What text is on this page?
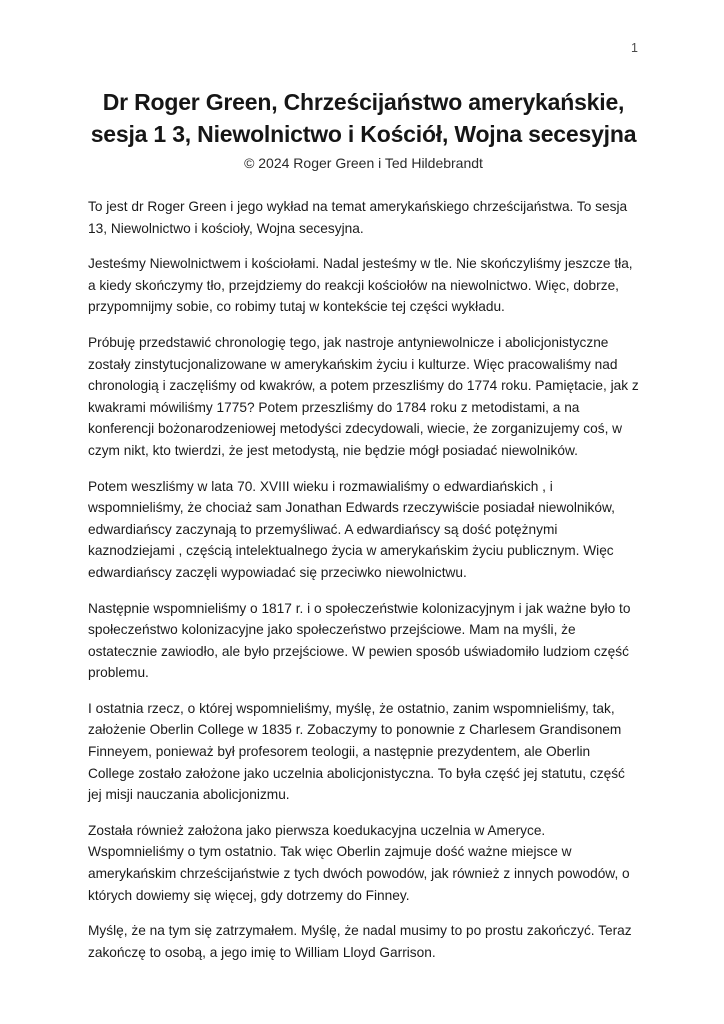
1
Dr Roger Green, Chrześcijaństwo amerykańskie,
sesja 1 3, Niewolnictwo i Kościół, Wojna secesyjna
© 2024 Roger Green i Ted Hildebrandt

To jest dr Roger Green i jego wykład na temat amerykańskiego chrześcijaństwa. To sesja 13, Niewolnictwo i kościoły, Wojna secesyjna.

Jesteśmy Niewolnictwem i kościołami. Nadal jesteśmy w tle. Nie skończyliśmy jeszcze tła, a kiedy skończymy tło, przejdziemy do reakcji kościołów na niewolnictwo. Więc, dobrze, przypomnijmy sobie, co robimy tutaj w kontekście tej części wykładu.

Próbuję przedstawić chronologię tego, jak nastroje antyniewolnicze i abolicjonistyczne zostały zinstytucjonalizowane w amerykańskim życiu i kulturze. Więc pracowaliśmy nad chronologią i zaczęliśmy od kwakrów, a potem przeszliśmy do 1774 roku. Pamiętacie, jak z kwakrami mówiliśmy 1775? Potem przeszliśmy do 1784 roku z metodistami, a na konferencji bożonarodzeniowej metodyści zdecydowali, wiecie, że zorganizujemy coś, w czym nikt, kto twierdzi, że jest metodystą, nie będzie mógł posiadać niewolników.

Potem weszliśmy w lata 70. XVIII wieku i rozmawialiśmy o edwardiańskich , i wspomnieliśmy, że chociaż sam Jonathan Edwards rzeczywiście posiadał niewolników, edwardiańscy zaczynają to przemyśliwać. A edwardiańscy są dość potężnymi kaznodziejami , częścią intelektualnego życia w amerykańskim życiu publicznym. Więc edwardiańscy zaczęli wypowiadać się przeciwko niewolnictwu.

Następnie wspomnieliśmy o 1817 r. i o społeczeństwie kolonizacyjnym i jak ważne było to społeczeństwo kolonizacyjne jako społeczeństwo przejściowe. Mam na myśli, że ostatecznie zawiodło, ale było przejściowe. W pewien sposób uświadomiło ludziom część problemu.

I ostatnia rzecz, o której wspomnieliśmy, myślę, że ostatnio, zanim wspomnieliśmy, tak, założenie Oberlin College w 1835 r. Zobaczymy to ponownie z Charlesem Grandisonem Finneyem, ponieważ był profesorem teologii, a następnie prezydentem, ale Oberlin College zostało założone jako uczelnia abolicjonistyczna. To była część jej statutu, część jej misji nauczania abolicjonizmu.

Została również założona jako pierwsza koedukacyjna uczelnia w Ameryce. Wspomnieliśmy o tym ostatnio. Tak więc Oberlin zajmuje dość ważne miejsce w amerykańskim chrześcijaństwie z tych dwóch powodów, jak również z innych powodów, o których dowiemy się więcej, gdy dotrzemy do Finney.

Myślę, że na tym się zatrzymałem. Myślę, że nadal musimy to po prostu zakończyć. Teraz zakończę to osobą, a jego imię to William Lloyd Garrison.
